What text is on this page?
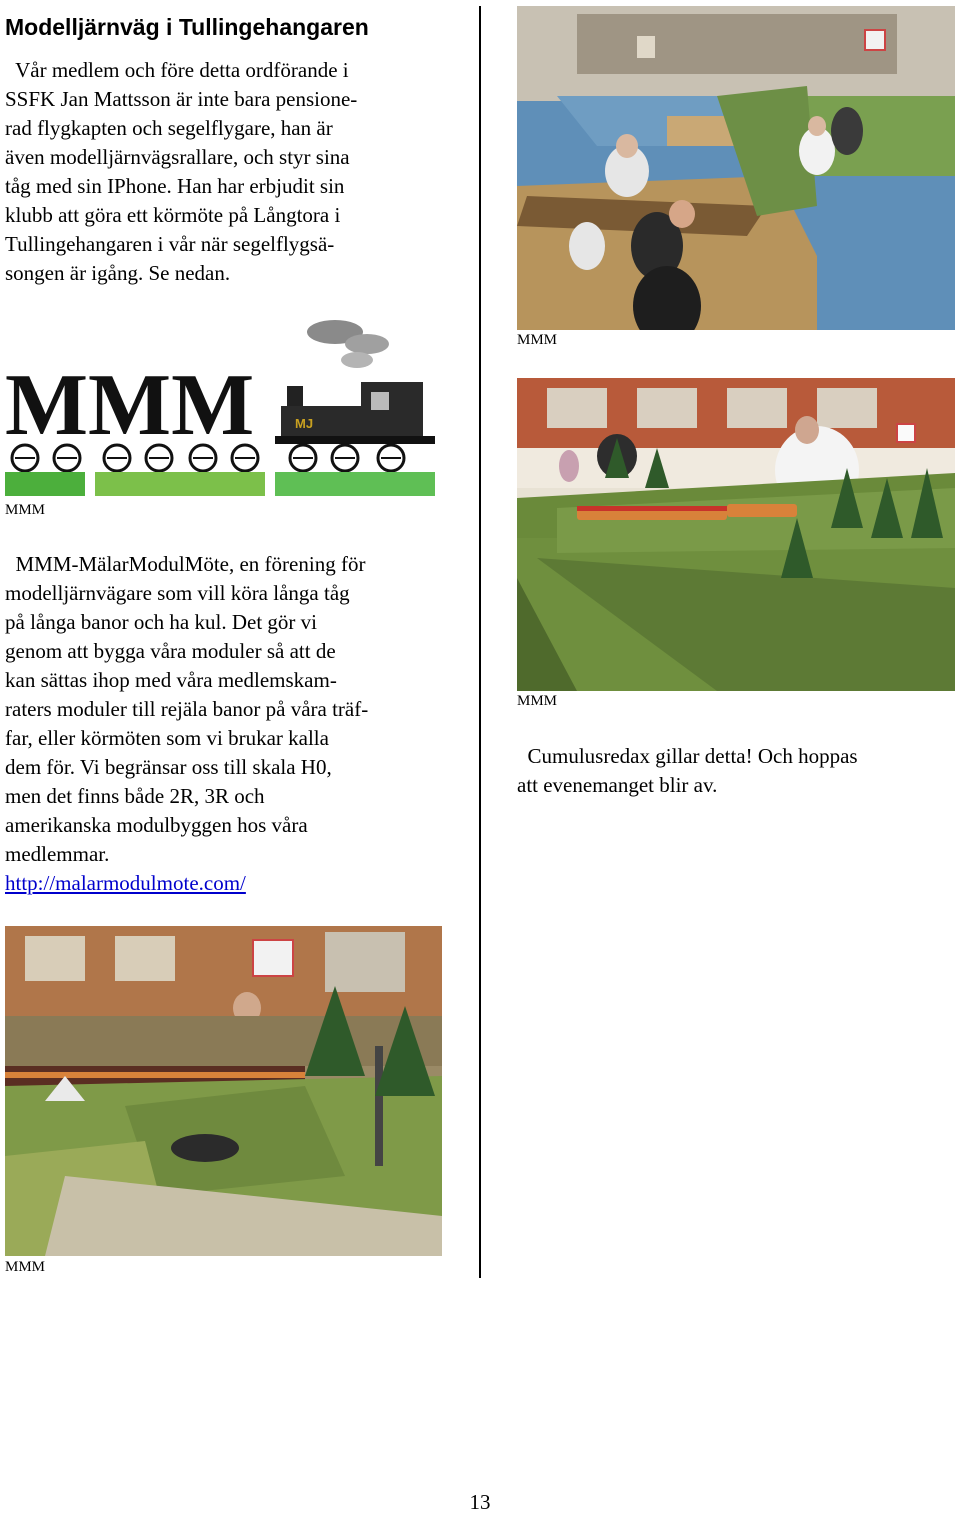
Modelljärnväg i Tullingehangaren
Vår medlem och före detta ordförande i
SSFK Jan Mattsson är inte bara pensione-
rad flygkapten och segelflygare, han är
även modelljärnvägsrallare, och styr sina
tåg med sin IPhone. Han har erbjudit sin
klubb att göra ett körmöte på Långtora i
Tullingehangaren i vår när segelflygsä-
songen är igång. Se nedan.
MMM	MJ
MMM
MMM-MälarModulMöte, en förening för
modelljärnvägare som vill köra långa tåg
på långa banor och ha kul. Det gör vi
genom att bygga våra moduler så att de
kan sättas ihop med våra medlemskam-
raters moduler till rejäla banor på våra träf-
far, eller körmöten som vi brukar kalla
dem för. Vi begränsar oss till skala H0,
men det finns både 2R, 3R och
amerikanska modulbyggen hos våra
medlemmar.
http://malarmodulmote.com/
MMM
MMM
Cumulusredax gillar detta! Och hoppas
att evenemanget blir av.
MMM
13
